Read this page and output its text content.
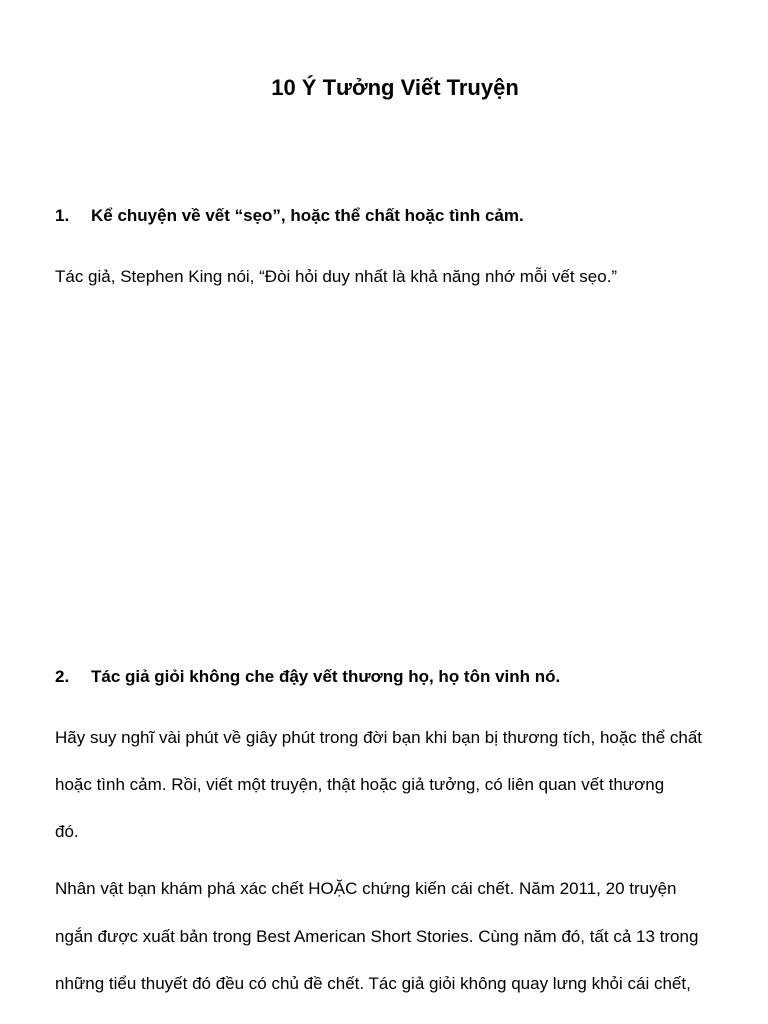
10 Ý Tưởng Viết Truyện
1. Kể chuyện về vết “sẹo”, hoặc thể chất hoặc tình cảm.
Tác giả, Stephen King nói, “Đòi hỏi duy nhất là khả năng nhớ mỗi vết sẹo.”
2. Tác giả giỏi không che đậy vết thương họ, họ tôn vinh nó.
Hãy suy nghĩ vài phút về giây phút trong đời bạn khi bạn bị thương tích, hoặc thể chất
hoặc tình cảm. Rồi, viết một truyện, thật hoặc giả tưởng, có liên quan vết thương
đó.
Nhân vật bạn khám phá xác chết HOẶC chứng kiến cái chết. Năm 2011, 20 truyện
ngắn được xuất bản trong Best American Short Stories. Cùng năm đó, tất cả 13 trong
những tiểu thuyết đó đều có chủ đề chết. Tác giả giỏi không quay lưng khỏi cái chết,
